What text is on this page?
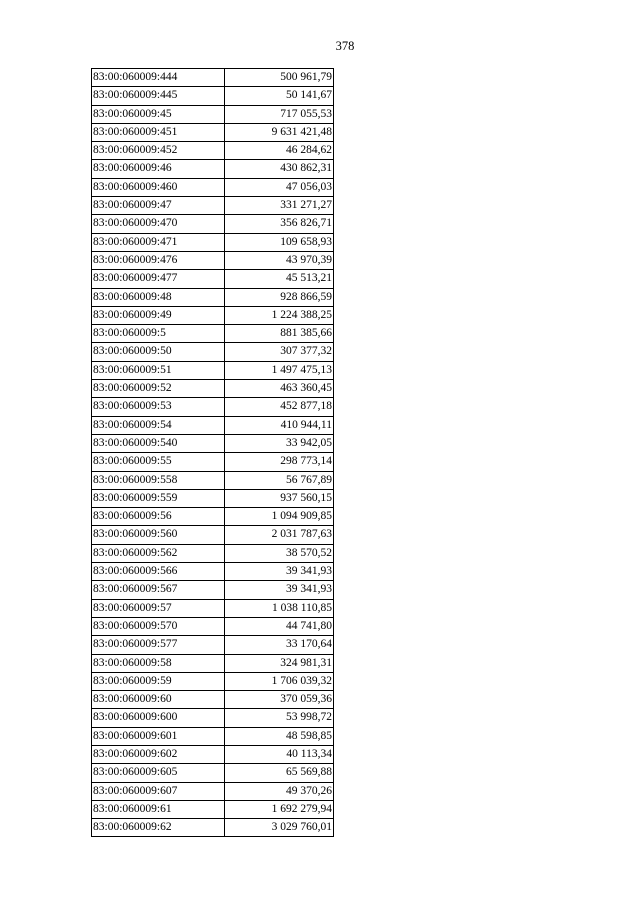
378
83:00:060009:444	500 961,79
83:00:060009:445	50 141,67
83:00:060009:45	717 055,53
83:00:060009:451	9 631 421,48
83:00:060009:452	46 284,62
83:00:060009:46	430 862,31
83:00:060009:460	47 056,03
83:00:060009:47	331 271,27
83:00:060009:470	356 826,71
83:00:060009:471	109 658,93
83:00:060009:476	43 970,39
83:00:060009:477	45 513,21
83:00:060009:48	928 866,59
83:00:060009:49	1 224 388,25
83:00:060009:5	881 385,66
83:00:060009:50	307 377,32
83:00:060009:51	1 497 475,13
83:00:060009:52	463 360,45
83:00:060009:53	452 877,18
83:00:060009:54	410 944,11
83:00:060009:540	33 942,05
83:00:060009:55	298 773,14
83:00:060009:558	56 767,89
83:00:060009:559	937 560,15
83:00:060009:56	1 094 909,85
83:00:060009:560	2 031 787,63
83:00:060009:562	38 570,52
83:00:060009:566	39 341,93
83:00:060009:567	39 341,93
83:00:060009:57	1 038 110,85
83:00:060009:570	44 741,80
83:00:060009:577	33 170,64
83:00:060009:58	324 981,31
83:00:060009:59	1 706 039,32
83:00:060009:60	370 059,36
83:00:060009:600	53 998,72
83:00:060009:601	48 598,85
83:00:060009:602	40 113,34
83:00:060009:605	65 569,88
83:00:060009:607	49 370,26
83:00:060009:61	1 692 279,94
83:00:060009:62	3 029 760,01
